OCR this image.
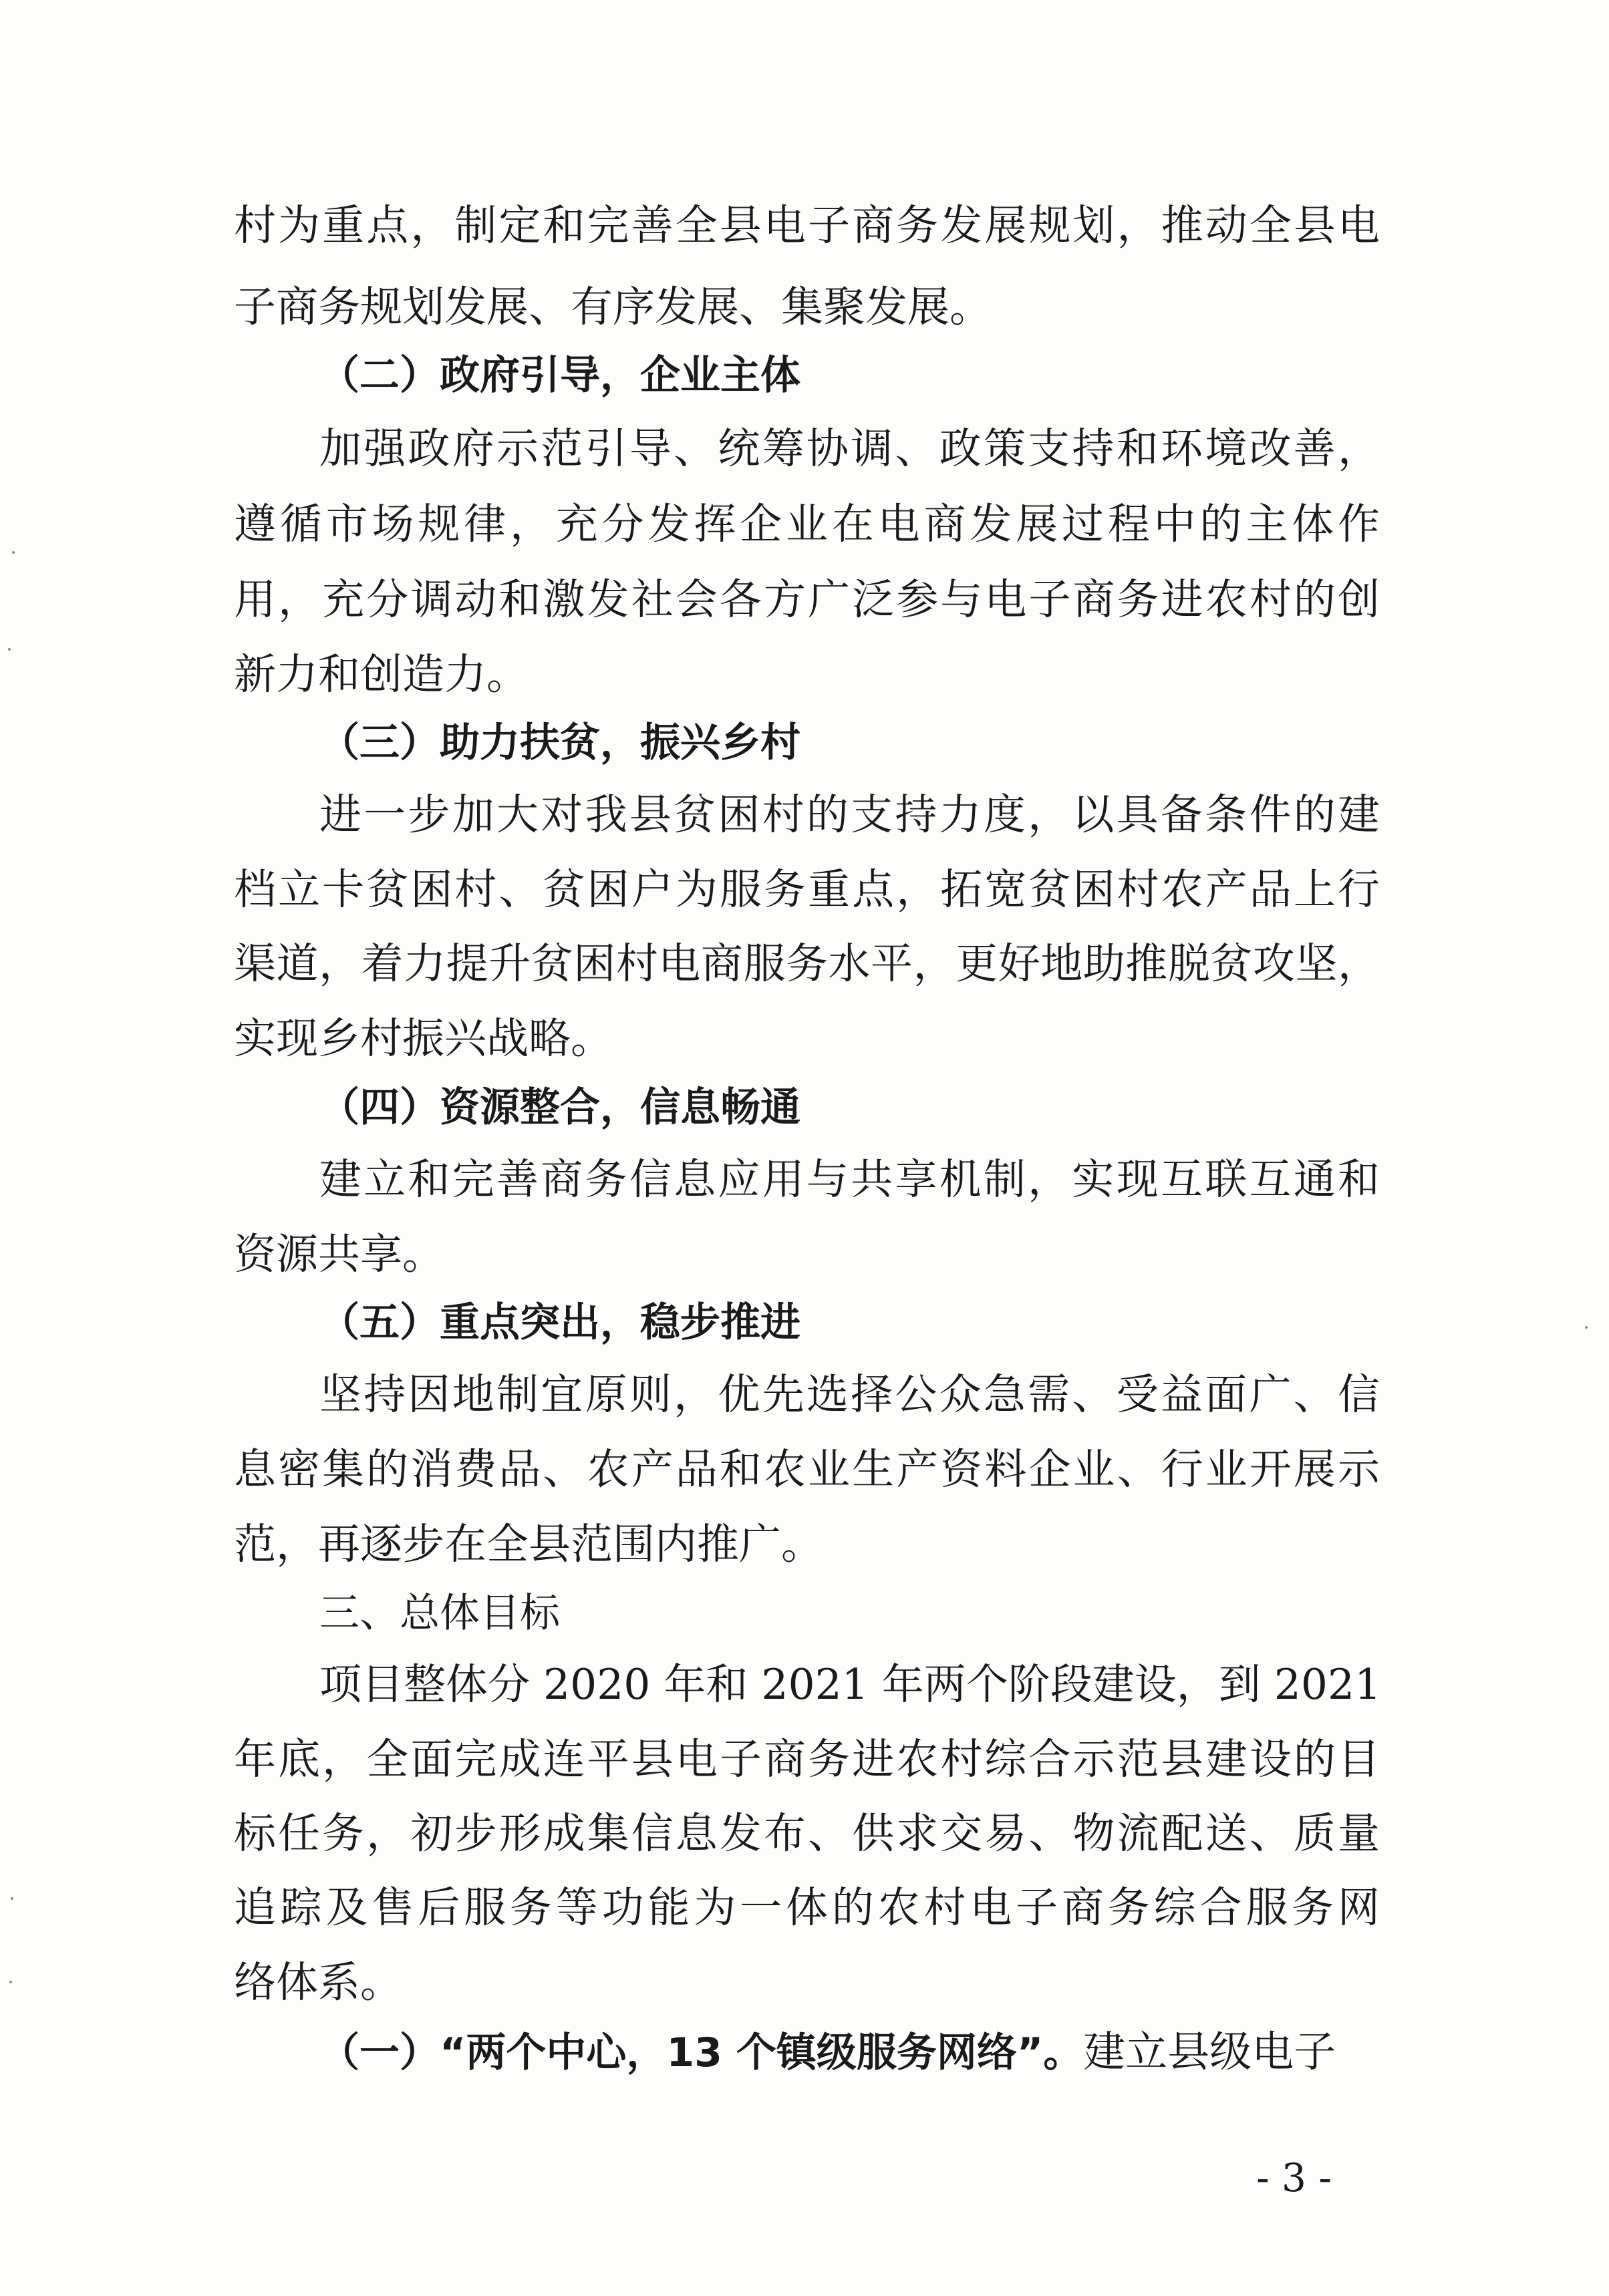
村为重点，制定和完善全县电子商务发展规划，推动全县电
子商务规划发展、有序发展、集聚发展。
（二）政府引导，企业主体
加强政府示范引导、统筹协调、政策支持和环境改善，
遵循市场规律，充分发挥企业在电商发展过程中的主体作
用，充分调动和激发社会各方广泛参与电子商务进农村的创
新力和创造力。
（三）助力扶贫，振兴乡村
进一步加大对我县贫困村的支持力度，以具备条件的建
档立卡贫困村、贫困户为服务重点，拓宽贫困村农产品上行
渠道，着力提升贫困村电商服务水平，更好地助推脱贫攻坚，
实现乡村振兴战略。
（四）资源整合，信息畅通
建立和完善商务信息应用与共享机制，实现互联互通和
资源共享。
（五）重点突出，稳步推进
坚持因地制宜原则，优先选择公众急需、受益面广、信
息密集的消费品、农产品和农业生产资料企业、行业开展示
范，再逐步在全县范围内推广。
三、总体目标
项目整体分 2020 年和 2021 年两个阶段建设，到 2021
年底，全面完成连平县电子商务进农村综合示范县建设的目
标任务，初步形成集信息发布、供求交易、物流配送、质量
追踪及售后服务等功能为一体的农村电子商务综合服务网
络体系。
（一）“两个中心，13 个镇级服务网络”。建立县级电子
- 3 -
